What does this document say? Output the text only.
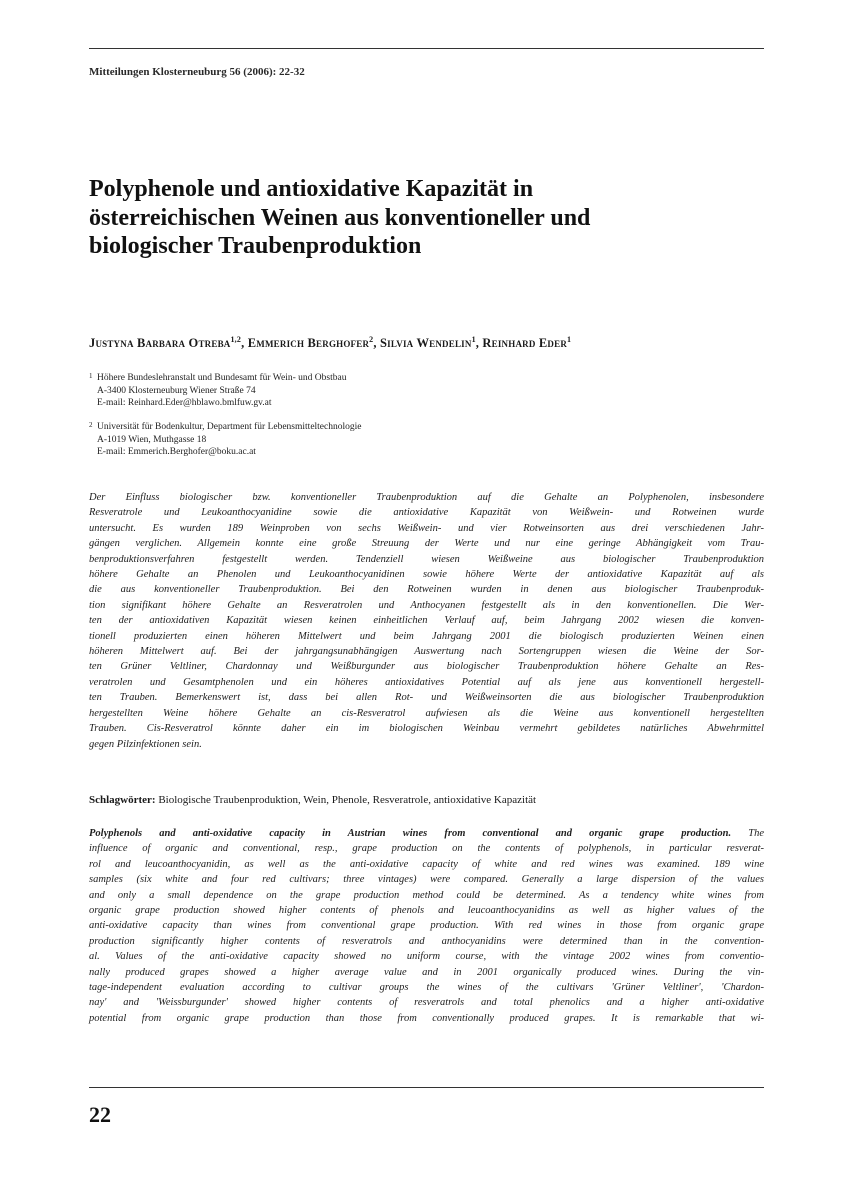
Mitteilungen Klosterneuburg 56 (2006): 22-32
Polyphenole und antioxidative Kapazität in
österreichischen Weinen aus konventioneller und
biologischer Traubenproduktion
Justyna Barbara Otreba$^{1,2}$, Emmerich Berghofer$^2$, Silvia Wendelin$^1$, Reinhard Eder$^1$
1 Höhere Bundeslehranstalt und Bundesamt für Wein- und Obstbau
A-3400 Klosterneuburg Wiener Straße 74
E-mail: Reinhard.Eder@hblawo.bmlfuw.gv.at
2 Universität für Bodenkultur, Department für Lebensmitteltechnologie
A-1019 Wien, Muthgasse 18
E-mail: Emmerich.Berghofer@boku.ac.at
Der Einfluss biologischer bzw. konventioneller Traubenproduktion auf die Gehalte an Polyphenolen, insbesondere
Resveratrole und Leukoanthocyanidine sowie die antioxidative Kapazität von Weißwein- und Rotweinen wurde
untersucht. Es wurden 189 Weinproben von sechs Weißwein- und vier Rotweinsorten aus drei verschiedenen Jahr-
gängen verglichen. Allgemein konnte eine große Streuung der Werte und nur eine geringe Abhängigkeit vom Trau-
benproduktionsverfahren festgestellt werden. Tendenziell wiesen Weißweine aus biologischer Traubenproduktion
höhere Gehalte an Phenolen und Leukoanthocyanidinen sowie höhere Werte der antioxidative Kapazität auf als
die aus konventioneller Traubenproduktion. Bei den Rotweinen wurden in denen aus biologischer Traubenproduk-
tion signifikant höhere Gehalte an Resveratrolen und Anthocyanen festgestellt als in den konventionellen. Die Wer-
ten der antioxidativen Kapazität wiesen keinen einheitlichen Verlauf auf, beim Jahrgang 2002 wiesen die konven-
tionell produzierten einen höheren Mittelwert und beim Jahrgang 2001 die biologisch produzierten Weinen einen
höheren Mittelwert auf. Bei der jahrgangsunabhängigen Auswertung nach Sortengruppen wiesen die Weine der Sor-
ten Grüner Veltliner, Chardonnay und Weißburgunder aus biologischer Traubenproduktion höhere Gehalte an Res-
veratrolen und Gesamtphenolen und ein höheres antioxidatives Potential auf als jene aus konventionell hergestell-
ten Trauben. Bemerkenswert ist, dass bei allen Rot- und Weißweinsorten die aus biologischer Traubenproduktion
hergestellten Weine höhere Gehalte an cis-Resveratrol aufwiesen als die Weine aus konventionell hergestellten
Trauben. Cis-Resveratrol könnte daher ein im biologischen Weinbau vermehrt gebildetes natürliches Abwehrmittel
gegen Pilzinfektionen sein.
Schlagwörter: Biologische Traubenproduktion, Wein, Phenole, Resveratrole, antioxidative Kapazität
Polyphenols and anti-oxidative capacity in Austrian wines from conventional and organic grape production. The
influence of organic and conventional, resp., grape production on the contents of polyphenols, in particular resverat-
rol and leucoanthocyanidin, as well as the anti-oxidative capacity of white and red wines was examined. 189 wine
samples (six white and four red cultivars; three vintages) were compared. Generally a large dispersion of the values
and only a small dependence on the grape production method could be determined. As a tendency white wines from
organic grape production showed higher contents of phenols and leucoanthocyanidins as well as higher values of the
anti-oxidative capacity than wines from conventional grape production. With red wines in those from organic grape
production significantly higher contents of resveratrols and anthocyanidins were determined than in the convention-
al. Values of the anti-oxidative capacity showed no uniform course, with the vintage 2002 wines from conventio-
nally produced grapes showed a higher average value and in 2001 organically produced wines. During the vin-
tage-independent evaluation according to cultivar groups the wines of the cultivars 'Grüner Veltliner', 'Chardon-
nay' and 'Weissburgunder' showed higher contents of resveratrols and total phenolics and a higher anti-oxidative
potential from organic grape production than those from conventionally produced grapes. It is remarkable that wi-
22
